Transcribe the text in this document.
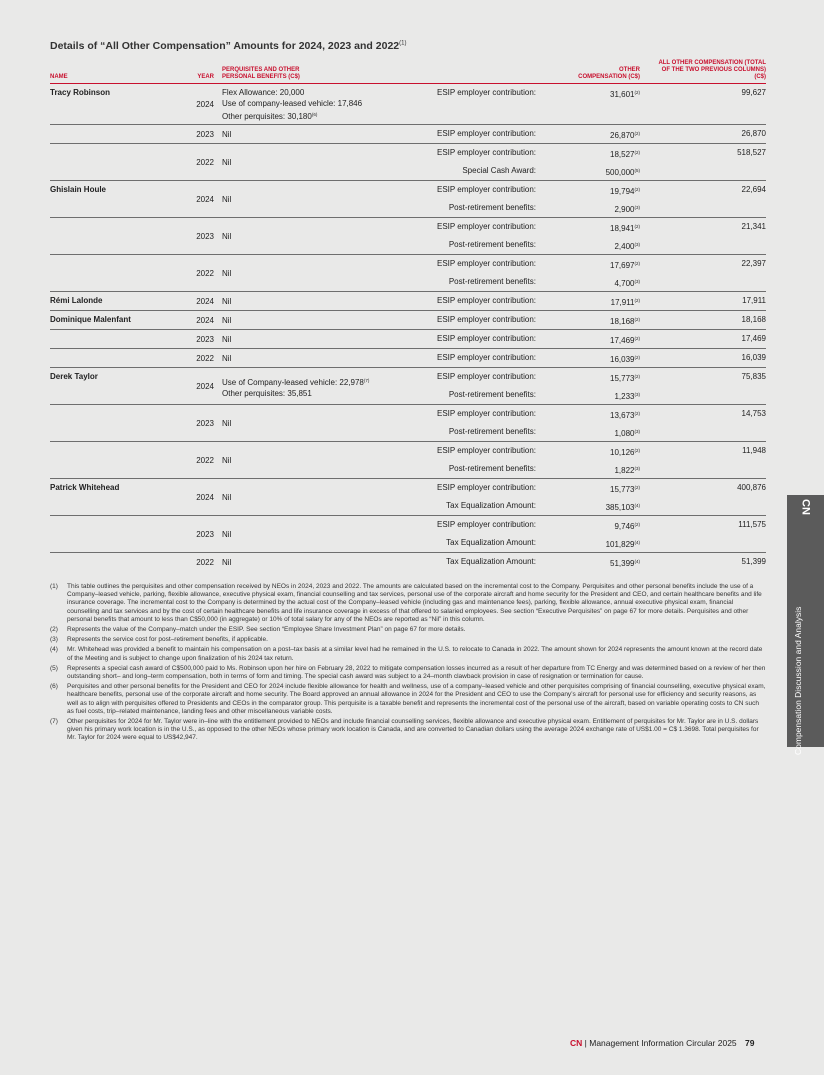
Details of “All Other Compensation” Amounts for 2024, 2023 and 2022$^{(1)}$
NAME	YEAR	PERQUISITES AND OTHER PERSONAL BENEFITS (C$)		OTHER COMPENSATION (C$)	ALL OTHER COMPENSATION (TOTAL OF THE TWO PREVIOUS COLUMNS) (C$)
Tracy Robinson	2024	Flex Allowance: 20,000
Use of company-leased vehicle: 17,846
Other perquisites: 30,180$^{(6)}$	ESIP employer contribution:	31,601$^{(2)}$	99,627
	2023	Nil	ESIP employer contribution:	26,870$^{(2)}$	26,870
	2022	Nil	ESIP employer contribution:	18,527$^{(2)}$	518,527
			Special Cash Award:	500,000$^{(5)}$
Ghislain Houle	2024	Nil	ESIP employer contribution:	19,794$^{(2)}$	22,694
			Post-retirement benefits:	2,900$^{(3)}$
	2023	Nil	ESIP employer contribution:	18,941$^{(2)}$	21,341
			Post-retirement benefits:	2,400$^{(3)}$
	2022	Nil	ESIP employer contribution:	17,697$^{(2)}$	22,397
			Post-retirement benefits:	4,700$^{(3)}$
Rémi Lalonde	2024	Nil	ESIP employer contribution:	17,911$^{(2)}$	17,911
Dominique Malenfant	2024	Nil	ESIP employer contribution:	18,168$^{(2)}$	18,168
	2023	Nil	ESIP employer contribution:	17,469$^{(2)}$	17,469
	2022	Nil	ESIP employer contribution:	16,039$^{(2)}$	16,039
Derek Taylor	2024	Use of Company-leased vehicle: 22,978$^{(7)}$
Other perquisites: 35,851	ESIP employer contribution:	15,773$^{(2)}$	75,835
			Post-retirement benefits:	1,233$^{(3)}$
	2023	Nil	ESIP employer contribution:	13,673$^{(2)}$	14,753
			Post-retirement benefits:	1,080$^{(3)}$
	2022	Nil	ESIP employer contribution:	10,126$^{(2)}$	11,948
			Post-retirement benefits:	1,822$^{(3)}$
Patrick Whitehead	2024	Nil	ESIP employer contribution:	15,773$^{(2)}$	400,876
			Tax Equalization Amount:	385,103$^{(4)}$
	2023	Nil	ESIP employer contribution:	9,746$^{(2)}$	111,575
			Tax Equalization Amount:	101,829$^{(4)}$
	2022	Nil	Tax Equalization Amount:	51,399$^{(4)}$	51,399
(1)	This table outlines the perquisites and other compensation received by NEOs in 2024, 2023 and 2022. The amounts are calculated based on the incremental cost to the Company. Perquisites and other personal benefits include the use of a Company–leased vehicle, parking, flexible allowance, executive physical exam, financial counselling and tax services, personal use of the corporate aircraft and home security for the President and CEO, and certain healthcare benefits and life insurance coverage. The incremental cost to the Company is determined by the actual cost of the Company–leased vehicle (including gas and maintenance fees), parking, flexible allowance, annual executive physical exam, financial counselling and tax services and by the cost of certain healthcare benefits and life insurance coverage in excess of that offered to salaried employees. See section “Executive Perquisites” on page 67 for more details. Perquisites and other personal benefits that amount to less than C$50,000 (in aggregate) or 10% of total salary for any of the NEOs are reported as “Nil” in this column.
(2)	Represents the value of the Company–match under the ESIP. See section “Employee Share Investment Plan” on page 67 for more details.
(3)	Represents the service cost for post–retirement benefits, if applicable.
(4)	Mr. Whitehead was provided a benefit to maintain his compensation on a post–tax basis at a similar level had he remained in the U.S. to relocate to Canada in 2022. The amount shown for 2024 represents the amount known at the record date of the Meeting and is subject to change upon finalization of his 2024 tax return.
(5)	Represents a special cash award of C$500,000 paid to Ms. Robinson upon her hire on February 28, 2022 to mitigate compensation losses incurred as a result of her departure from TC Energy and was determined based on a review of her then outstanding short– and long–term compensation, both in terms of form and timing. The special cash award was subject to a 24–month clawback provision in case of resignation or termination for cause.
(6)	Perquisites and other personal benefits for the President and CEO for 2024 include flexible allowance for health and wellness, use of a company–leased vehicle and other perquisites comprising of financial counselling, executive physical exam, healthcare benefits, personal use of the corporate aircraft and home security. The Board approved an annual allowance in 2024 for the President and CEO to use the Company’s aircraft for personal use for efficiency and security reasons, as well as to align with perquisites offered to Presidents and CEOs in the comparator group. This perquisite is a taxable benefit and represents the incremental cost of the personal use of the aircraft, based on variable operating costs to CN such as fuel costs, trip–related maintenance, landing fees and other miscellaneous variable costs.
(7)	Other perquisites for 2024 for Mr. Taylor were in–line with the entitlement provided to NEOs and include financial counselling services, flexible allowance and executive physical exam. Entitlement of perquisites for Mr. Taylor are in U.S. dollars given his primary work location is in the U.S., as opposed to the other NEOs whose primary work location is Canada, and are converted to Canadian dollars using the average 2024 exchange rate of US$1.00 = C$ 1.3698. Total perquisites for Mr. Taylor for 2024 were equal to US$42,947.
CN
Compensation Discussion and Analysis
CN | Management Information Circular 2025 79
